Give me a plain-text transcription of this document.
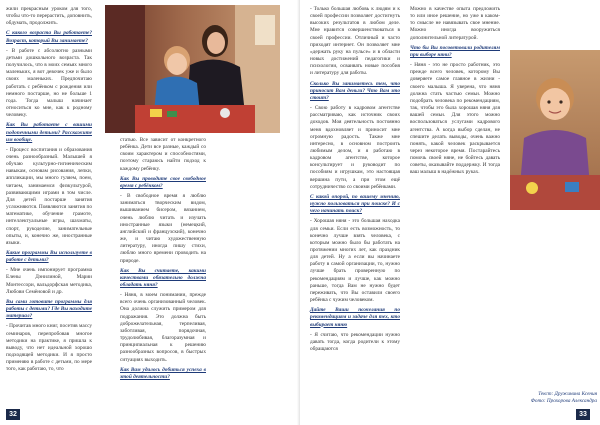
жили прекрасным уроком для того, чтобы что-то перерастить, доповнить, обдумать, продолжить.

С какого возраста Вы работаете? Возраст, который Вы занимаете?

- В работе с абсолютно разными детьми дошкольного возраста. Так получилось, что в моих семьях много маленьких, я вот девочек уже и было своих маленьких. Предпочитаю работать с ребёнком с рождения или немного постарше, но не больше 1 года. Тогда малыш начинает относиться ко мне, как к родному человеку.

Как Вы работаете с вашими подопечными детьми? Расскажите им вообще.

- Процесс воспитания и образования очень разнообразный. Малышей я обучаю культурно-гигиеническим навыкам, основам рисования, лепки, аппликации, мы много гуляем, поем, читаем, занимаемся физкультурой, развивающими играми в том числе. Для детей постарше занятия усложняются. Появляются занятия по математике, обучение грамоте, интеллектуальные игры, шахматы, спорт, рукоделие, занимательные опыты, и, конечно же, иностранные языки.

Какие программы Вы используете в работе с детьми?

- Мне очень импонирует программа Елены Дэнилиной, Марии Монтессори, вальдорфская методика, Любови Семёновой и др.

Вы сами готовите программы для работы с детьми? Где Вы находите материал?

- Прочитав много книг, посетив массу семинаров, перепробовав многое методики на практике, я пришла к выводу, что нет идеальной хорошо подходящей методики. И я просто применяю в работе с детьми, по мере того, как работаю, то, что

статью. Все зависит от конкретного ребёнка. Дети все разные, каждый со своим характером и способностями, поэтому стараюсь найти подход к каждому ребёнку.

Как Вы проводите свое свободное время с ребёнком?

- В свободное время я люблю заниматься творческим видом, вышиванием бисером, вязанием, очень люблю читать и изучать иностранные языки (немецкий, английский и французский), конечно же, и читаю художественную литературу, иногда пишу стихи, люблю много времени проводить на природе.

Как Вы считаете, какими качествами обязательно должна обладать няня?

- Няня, в моем понимании, прежде всего очень организованный человек. Она должна служить примером для подражания. Это должна быть доброжелательная, терпеливая, заботливая, порядочная, трудолюбивая, благоразумная и принципиальная к решению разнообразных вопросов, в быстрых ситуациях выходить.

Как Вам удалось добиться успеха в этой деятельности?

32

- Только большая любовь к людям и к своей профессии позволяет достигнуть высоких результатов в любом деле. Мне нравится совершенствоваться в своей профессии. Отличный и часто приходят интернет. Он позволяет мне «держать руку на пульсе» и в области новых достижений педагогики и психологии, осваивать новые пособия и литературу для работы.

Сколько Вы занимаетесь тем, что приносит Вам деньги? Что Вам это стоит?

- Свою работу в кадровом агентстве рассматриваю, как источник своих доходов. Моя деятельность постоянно меня вдохновляет и приносит мне огромную радость. Также мне интересно, в основном построить любимым делом, и я работаю в кадровом агентстве, которое консультирует и руководит по пособиям и игрушкам, это настоящая вершина пути, а при этом ещё сотрудничество со своими ребёнками.

С какой опорой, по вашему мнению, нужно пользоваться при поиске? И с чего начинать поиск?

- Хорошая няня - это большая находка для семьи. Если есть возможность, то конечно лучше взять человека, с которым можно было бы работать на протяжении многих лет, как праздник для детей. Ну а если вы начинаете работу в самой организации, то, нужно лучше брать проверенную по рекомендациям и лучше, как можно раньше, тогда Вам не нужно будет переживать, что Вы оставили своего ребёнка с чужим человеком.

Дайте Ваши пожелания по рекомендациям и задаче для тех, кто выбирает няню

- Я считаю, что рекомендации нужно давать тогда, когда родители к этому обращаются

Можно в качестве опыта предложить то или иное решение, но уже в каком-то смысле не навязывать свое мнение. Можно иногда вооружиться дополнительной литературой.

Что бы Вы посоветовали родителям при выборе няни?

- Няня - это не просто работник, это прежде всего человек, которому Вы доверяете самое главное в жизни - своего малыша. Я уверена, что няня должна стать частью семьи. Можно подобрать человека по рекомендациям, так, чтобы это была хорошая няня для вашей семьи. Для этого можно воспользоваться услугами кадрового агентства. А когда выбор сделан, не спешите делать выводы, очень важно понять, какой человек раскрывается через некоторое время. Постарайтесь помочь своей няне, не бойтесь давать советы, оказывайте поддержку. И тогда ваш малыш в надёжных руках.

Текст: Дружинина Ксения
Фото: Прохорова Александра
33
